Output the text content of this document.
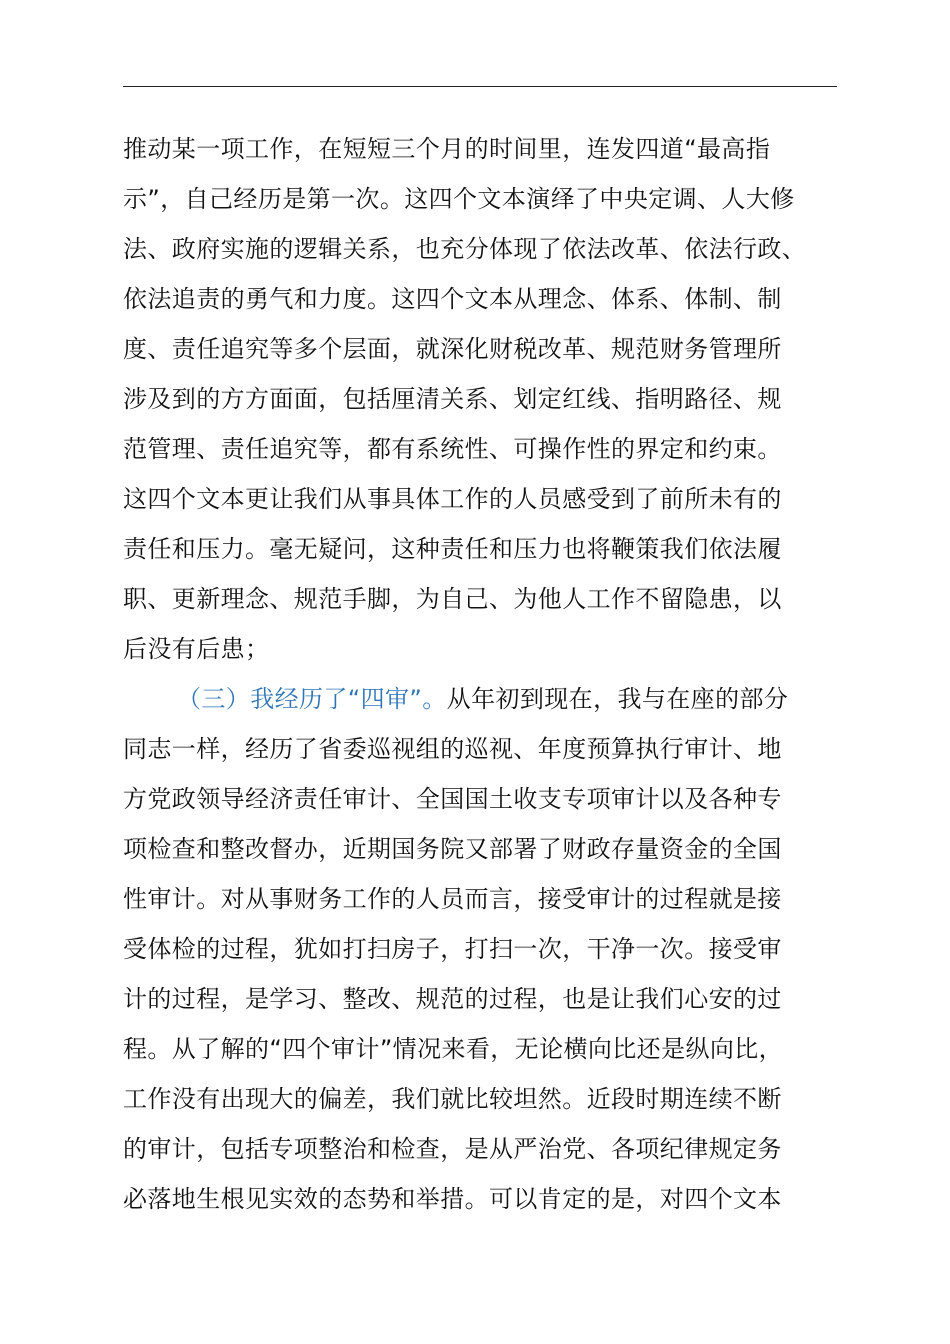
推动某一项工作，在短短三个月的时间里，连发四道“最高指
示”，自己经历是第一次。这四个文本演绎了中央定调、人大修
法、政府实施的逻辑关系，也充分体现了依法改革、依法行政、
依法追责的勇气和力度。这四个文本从理念、体系、体制、制
度、责任追究等多个层面，就深化财税改革、规范财务管理所
涉及到的方方面面，包括厘清关系、划定红线、指明路径、规
范管理、责任追究等，都有系统性、可操作性的界定和约束。
这四个文本更让我们从事具体工作的人员感受到了前所未有的
责任和压力。毫无疑问，这种责任和压力也将鞭策我们依法履
职、更新理念、规范手脚，为自己、为他人工作不留隐患，以
后没有后患；
（三）我经历了“四审”。从年初到现在，我与在座的部分
同志一样，经历了省委巡视组的巡视、年度预算执行审计、地
方党政领导经济责任审计、全国国土收支专项审计以及各种专
项检查和整改督办，近期国务院又部署了财政存量资金的全国
性审计。对从事财务工作的人员而言，接受审计的过程就是接
受体检的过程，犹如打扫房子，打扫一次，干净一次。接受审
计的过程，是学习、整改、规范的过程，也是让我们心安的过
程。从了解的“四个审计”情况来看，无论横向比还是纵向比，
工作没有出现大的偏差，我们就比较坦然。近段时期连续不断
的审计，包括专项整治和检查，是从严治党、各项纪律规定务
必落地生根见实效的态势和举措。可以肯定的是，对四个文本
